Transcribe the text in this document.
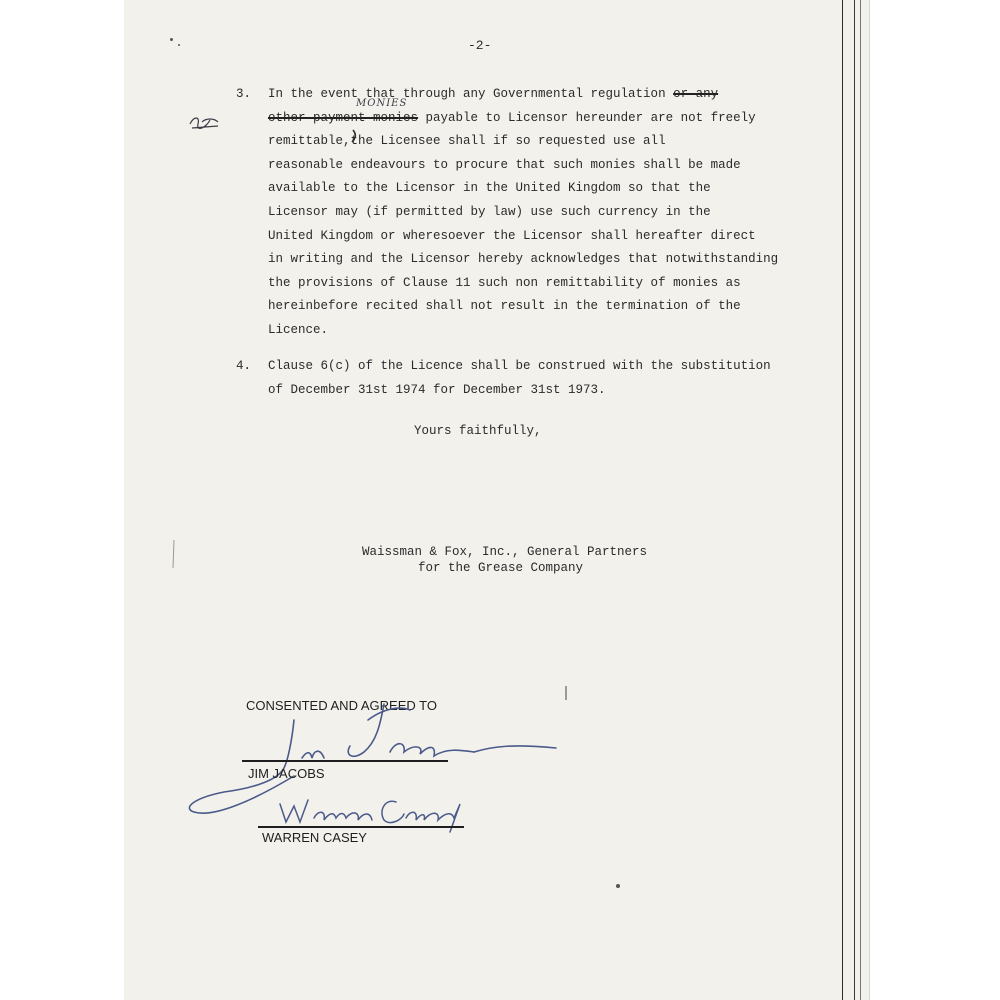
-2-
3. In the event that through any Governmental regulation or any
other payment monies payable to Licensor hereunder are not freely
remittable,the Licensee shall if so requested use all
reasonable endeavours to procure that such monies shall be made
available to the Licensor in the United Kingdom so that the
Licensor may (if permitted by law) use such currency in the
United Kingdom or wheresoever the Licensor shall hereafter direct
in writing and the Licensor hereby acknowledges that notwithstanding
the provisions of Clause 11 such non remittability of monies as
hereinbefore recited shall not result in the termination of the
Licence.
MONIES
4. Clause 6(c) of the Licence shall be construed with the substitution
of December 31st 1974 for December 31st 1973.
Yours faithfully,
Waissman & Fox, Inc., General Partners
for the Grease Company
CONSENTED AND AGREED TO
JIM JACOBS
WARREN CASEY
